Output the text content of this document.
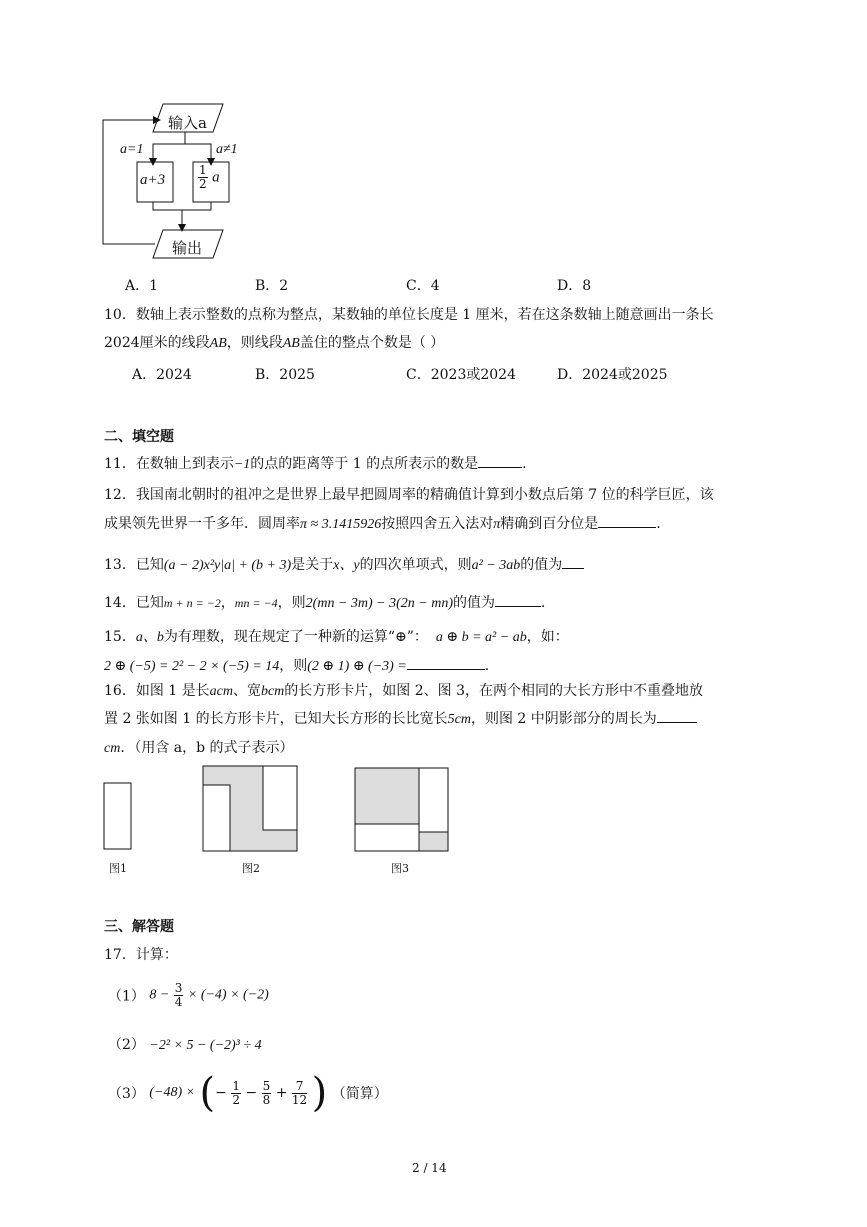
输入a
a=1	a≠1
a+3	$\frac{1}{2}$ a
输出
A．1	B．2	C．4	D．8
10．数轴上表示整数的点称为整点，某数轴的单位长度是 1 厘米，若在这条数轴上随意画出一条长
2024厘米的线段AB，则线段AB盖住的整点个数是（ ）
A．2024	B．2025	C．2023或2024	D．2024或2025
二、填空题
11．在数轴上到表示−1的点的距离等于 1 的点所表示的数是	.
12．我国南北朝时的祖冲之是世界上最早把圆周率的精确值计算到小数点后第 7 位的科学巨匠，该
成果领先世界一千多年．圆周率π ≈ 3.1415926按照四舍五入法对π精确到百分位是	.
13．已知(a − 2)x²y|a| + (b + 3)是关于x、y的四次单项式，则a² − 3ab的值为
14．已知m + n = −2，mn = −4，则2(mn − 3m) − 3(2n − mn)的值为	.
15．a、b为有理数，现在规定了一种新的运算“⊕”： a ⊕ b = a² − ab，如：
2 ⊕ (−5) = 2² − 2 × (−5) = 14，则(2 ⊕ 1) ⊕ (−3) =	.
16．如图 1 是长acm、宽bcm的长方形卡片，如图 2、图 3，在两个相同的大长方形中不重叠地放
置 2 张如图 1 的长方形卡片，已知大长方形的长比宽长5cm，则图 2 中阴影部分的周长为
cm．（用含 a，b 的式子表示）
图1	图2	图3
三、解答题
17．计算：
（1） $8 - \frac{3}{4} \times (-4) \times (-2)$
（2） −2² × 5 − (−2)³ ÷ 4
（3） (−48) × (− $\frac{1}{2} - \frac{5}{8} + \frac{7}{12}$ ) （简算）
2 / 14
